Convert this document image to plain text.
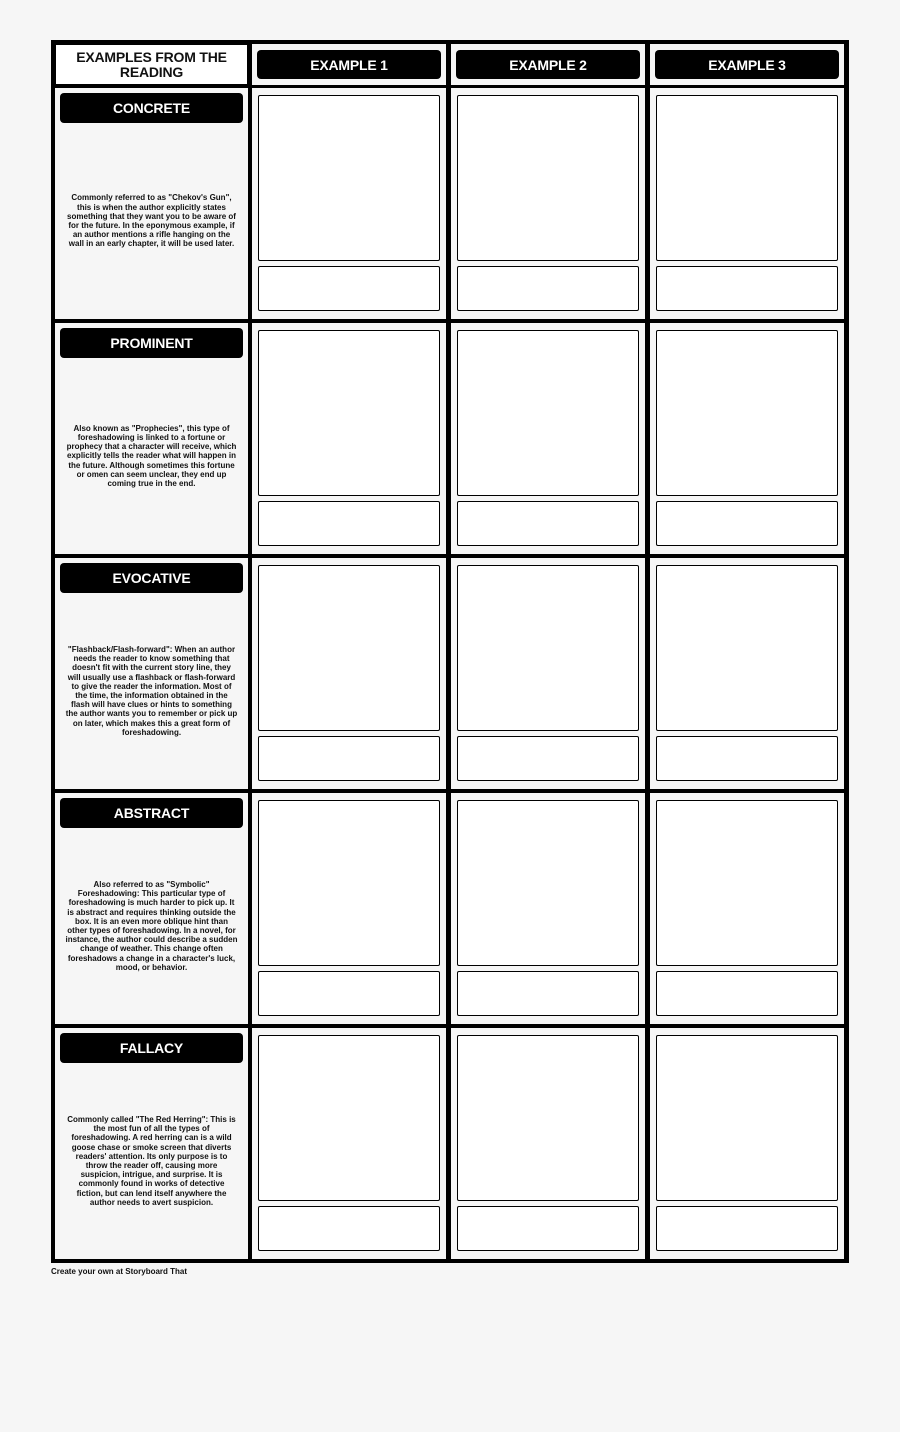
EXAMPLES FROM THE READING	EXAMPLE 1	EXAMPLE 2	EXAMPLE 3
CONCRETE
Commonly referred to as "Chekov's Gun", this is when the author explicitly states something that they want you to be aware of for the future. In the eponymous example, if an author mentions a rifle hanging on the wall in an early chapter, it will be used later.
PROMINENT
Also known as "Prophecies", this type of foreshadowing is linked to a fortune or prophecy that a character will receive, which explicitly tells the reader what will happen in the future. Although sometimes this fortune or omen can seem unclear, they end up coming true in the end.
EVOCATIVE
"Flashback/Flash-forward": When an author needs the reader to know something that doesn't fit with the current story line, they will usually use a flashback or flash-forward to give the reader the information. Most of the time, the information obtained in the flash will have clues or hints to something the author wants you to remember or pick up on later, which makes this a great form of foreshadowing.
ABSTRACT
Also referred to as "Symbolic" Foreshadowing: This particular type of foreshadowing is much harder to pick up. It is abstract and requires thinking outside the box. It is an even more oblique hint than other types of foreshadowing. In a novel, for instance, the author could describe a sudden change of weather. This change often foreshadows a change in a character's luck, mood, or behavior.
FALLACY
Commonly called "The Red Herring": This is the most fun of all the types of foreshadowing. A red herring can is a wild goose chase or smoke screen that diverts readers' attention. Its only purpose is to throw the reader off, causing more suspicion, intrigue, and surprise. It is commonly found in works of detective fiction, but can lend itself anywhere the author needs to avert suspicion.
Create your own at Storyboard That
